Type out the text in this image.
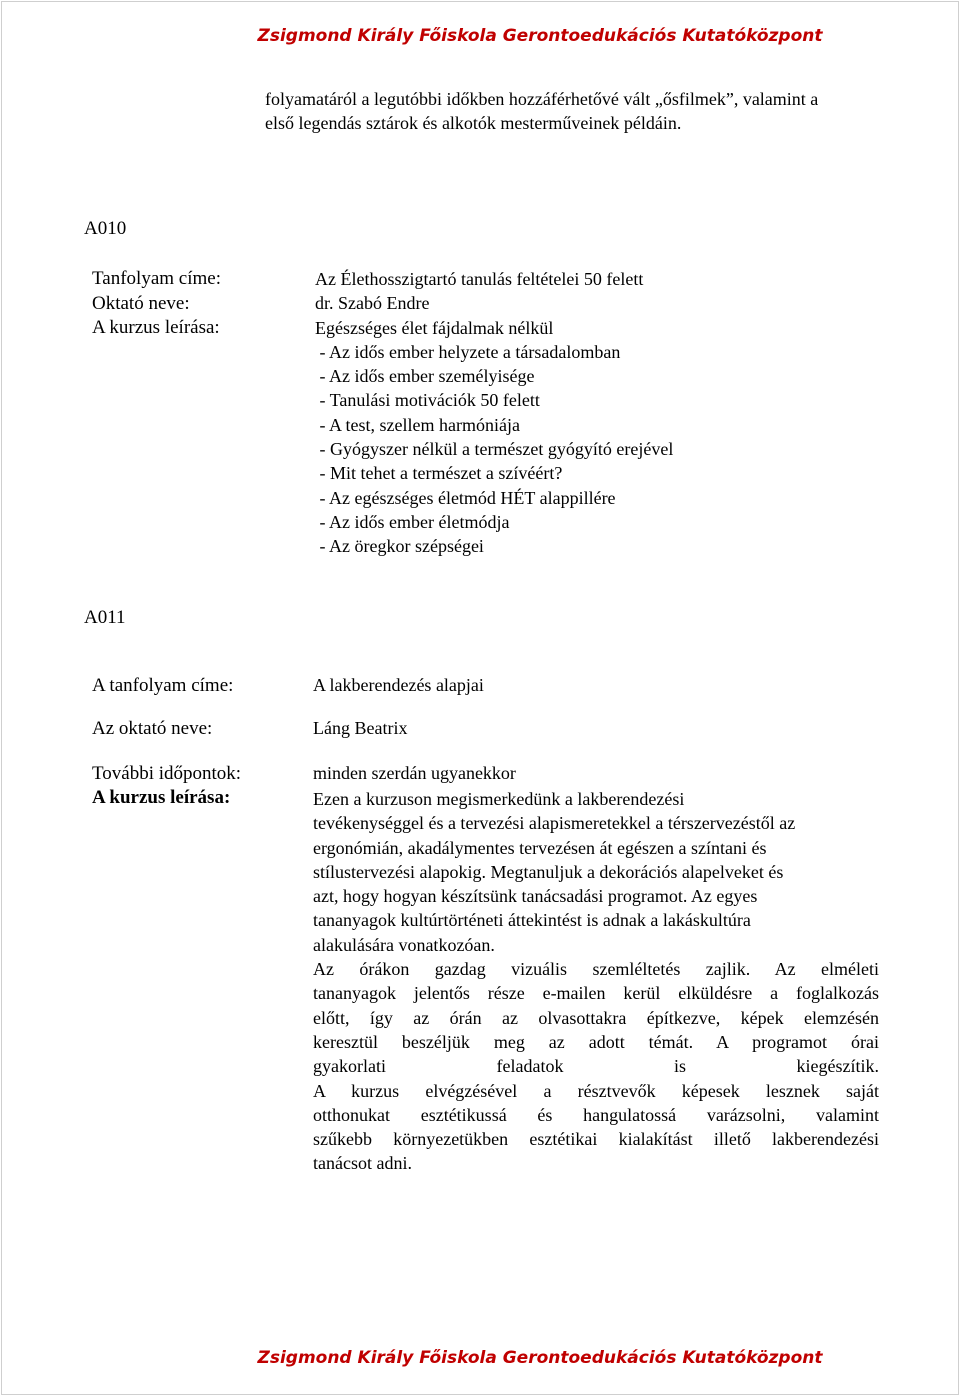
Zsigmond Király Főiskola Gerontoedukációs Kutatóközpont
folyamatáról a legutóbbi időkben hozzáférhetővé vált „ősfilmek”, valamint a
első legendás sztárok és alkotók mesterműveinek példáin.
A010
Tanfolyam címe:
Oktató neve:
A kurzus leírása:
Az Élethosszigtartó tanulás feltételei 50 felett
dr. Szabó Endre
Egészséges élet fájdalmak nélkül
- Az idős ember helyzete a társadalomban
- Az idős ember személyisége
- Tanulási motivációk 50 felett
- A test, szellem harmóniája
- Gyógyszer nélkül a természet gyógyító erejével
- Mit tehet a természet a szívéért?
- Az egészséges életmód HÉT alappillére
- Az idős ember életmódja
- Az öregkor szépségei
A011
A tanfolyam címe:
Az oktató neve:
További időpontok:
A kurzus leírása:
A lakberendezés alapjai
Láng Beatrix
minden szerdán ugyanekkor
Ezen a kurzuson megismerkedünk a lakberendezési
tevékenységgel és a tervezési alapismeretekkel a térszervezéstől az
ergonómián, akadálymentes tervezésen át egészen a színtani és
stílustervezési alapokig. Megtanuljuk a dekorációs alapelveket és
azt, hogy hogyan készítsünk tanácsadási programot. Az egyes
tananyagok kultúrtörténeti áttekintést is adnak a lakáskultúra
alakulására vonatkozóan.
Az órákon gazdag vizuális szemléltetés zajlik. Az elméleti
tananyagok jelentős része e-mailen kerül elküldésre a foglalkozás
előtt, így az órán az olvasottakra építkezve, képek elemzésén
keresztül beszéljük meg az adott témát. A programot órai
gyakorlati feladatok is kiegészítik.
A kurzus elvégzésével a résztvevők képesek lesznek saját
otthonukat esztétikussá és hangulatossá varázsolni, valamint
szűkebb környezetükben esztétikai kialakítást illető lakberendezési
tanácsot adni.
Zsigmond Király Főiskola Gerontoedukációs Kutatóközpont
